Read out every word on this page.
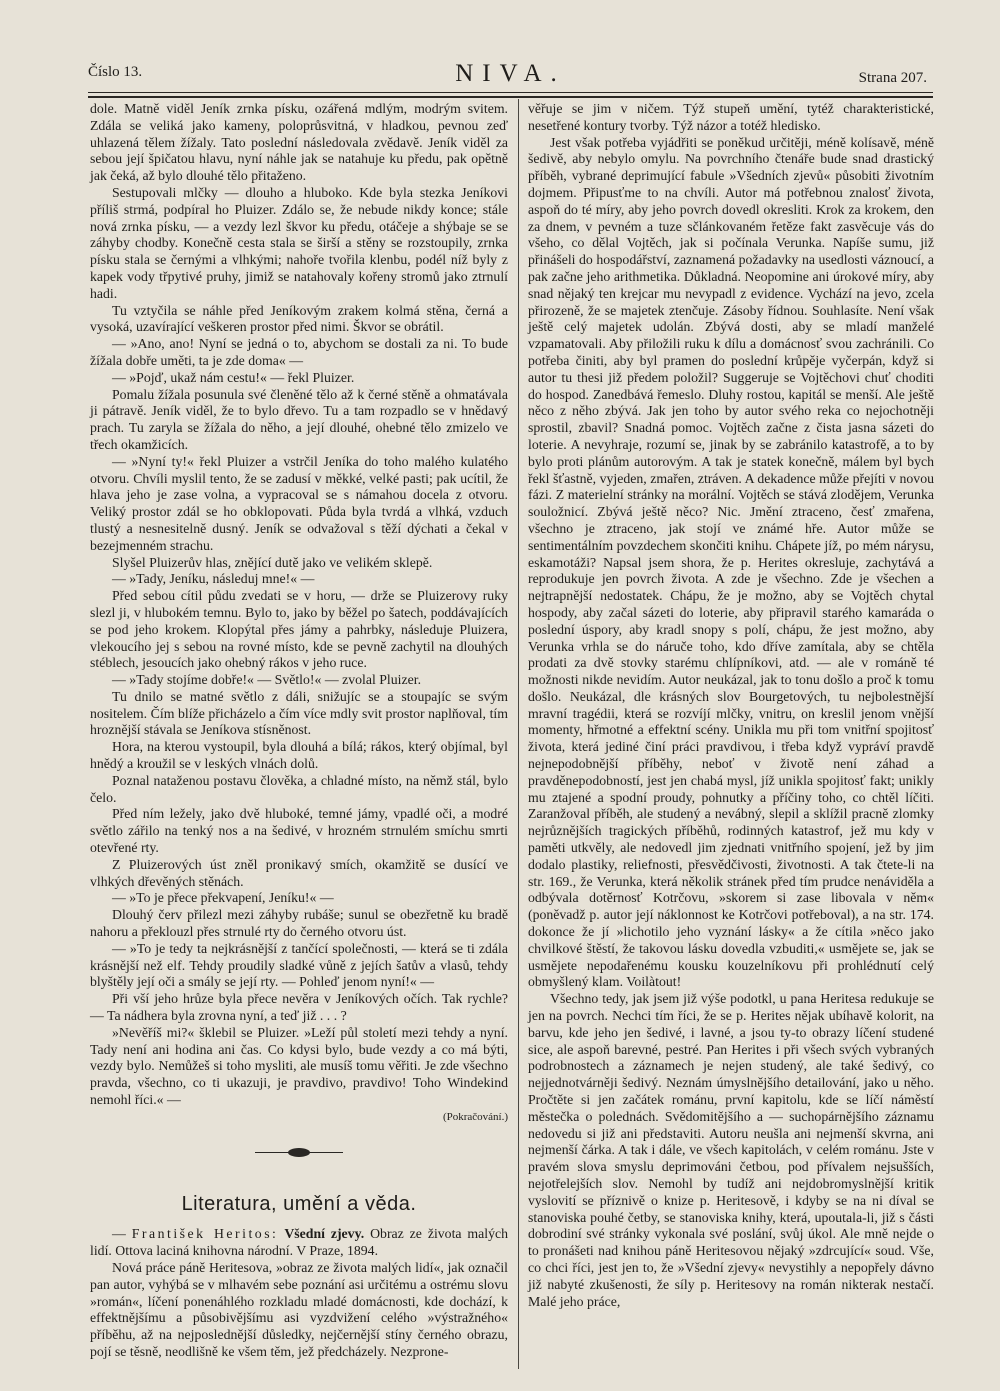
Číslo 13.	NIVA.	Strana 207.

dole. Matně viděl Jeník zrnka písku, ozářená mdlým, modrým svitem. Zdála se veliká jako kameny, poloprůsvitná, v hladkou, pevnou zeď uhlazená tělem žížaly. Tato poslední následovala zvědavě. Jeník viděl za sebou její špičatou hlavu, nyní náhle jak se natahuje ku předu, pak opětně jak čeká, až bylo dlouhé tělo přitaženo.

Sestupovali mlčky — dlouho a hluboko. Kde byla stezka Jeníkovi příliš strmá, podpíral ho Pluizer. Zdálo se, že nebude nikdy konce; stále nová zrnka písku, — a vezdy lezl škvor ku předu, otáčeje a shýbaje se se záhyby chodby. Konečně cesta stala se širší a stěny se rozstoupily, zrnka písku stala se černými a vlhkými; nahoře tvořila klenbu, podél níž byly z kapek vody třpytivé pruhy, jimiž se natahovaly kořeny stromů jako ztrnulí hadi.

Tu vztyčila se náhle před Jeníkovým zrakem kolmá stěna, černá a vysoká, uzavírající veškeren prostor před nimi. Škvor se obrátil.

— »Ano, ano! Nyní se jedná o to, abychom se dostali za ni. To bude žížala dobře uměti, ta je zde doma« —

— »Pojď, ukaž nám cestu!« — řekl Pluizer.

Pomalu žížala posunula své členěné tělo až k černé stěně a ohmatávala ji pátravě. Jeník viděl, že to bylo dřevo. Tu a tam rozpadlo se v hnědavý prach. Tu zaryla se žížala do něho, a její dlouhé, ohebné tělo zmizelo ve třech okamžicích.

— »Nyní ty!« řekl Pluizer a vstrčil Jeníka do toho malého kulatého otvoru. Chvíli myslil tento, že se zadusí v měkké, velké pasti; pak ucítil, že hlava jeho je zase volna, a vypracoval se s námahou docela z otvoru. Veliký prostor zdál se ho obklopovati. Půda byla tvrdá a vlhká, vzduch tlustý a nesnesitelně dusný. Jeník se odvažoval s těží dýchati a čekal v bezejmenném strachu.

Slyšel Pluizerův hlas, znějící dutě jako ve velikém sklepě.

— »Tady, Jeníku, následuj mne!« —

Před sebou cítil půdu zvedati se v horu, — drže se Pluizerovy ruky slezl ji, v hlubokém temnu. Bylo to, jako by běžel po šatech, poddávajících se pod jeho krokem. Klopýtal přes jámy a pahrbky, následuje Pluizera, vlekoucího jej s sebou na rovné místo, kde se pevně zachytil na dlouhých stéblech, jesoucích jako ohebný rákos v jeho ruce.

— »Tady stojíme dobře!« — Světlo!« — zvolal Pluizer.

Tu dnilo se matné světlo z dáli, snižujíc se a stoupajíc se svým nositelem. Čím blíže přicházelo a čím více mdly svit prostor naplňoval, tím hroznější stávala se Jeníkova stísněnost.

Hora, na kterou vystoupil, byla dlouhá a bílá; rákos, který objímal, byl hnědý a kroužil se v leských vlnách dolů.

Poznal nataženou postavu člověka, a chladné místo, na němž stál, bylo čelo.

Před ním ležely, jako dvě hluboké, temné jámy, vpadlé oči, a modré světlo zářilo na tenký nos a na šedivé, v hrozném strnulém smíchu smrti otevřené rty.

Z Pluizerových úst zněl pronikavý smích, okamžitě se dusící ve vlhkých dřevěných stěnách.

— »To je přece překvapení, Jeníku!« —

Dlouhý červ přilezl mezi záhyby rubáše; sunul se obezřetně ku bradě nahoru a překlouzl přes strnulé rty do černého otvoru úst.

— »To je tedy ta nejkrásnější z tančící společnosti, — která se ti zdála krásnější než elf. Tehdy proudily sladké vůně z jejích šatův a vlasů, tehdy blyštěly její oči a smály se její rty. — Pohleď jenom nyní!« —

Při vší jeho hrůze byla přece nevěra v Jeníkových očích. Tak rychle? — Ta nádhera byla zrovna nyní, a teď již . . . ?

»Nevěříš mi?« šklebil se Pluizer. »Leží půl století mezi tehdy a nyní. Tady není ani hodina ani čas. Co kdysi bylo, bude vezdy a co má býti, vezdy bylo. Nemůžeš si toho mysliti, ale musíš tomu věřiti. Je zde všechno pravda, všechno, co ti ukazuji, je pravdivo, pravdivo! Toho Windekind nemohl říci.« —

(Pokračování.)
Literatura, umění a věda.

— František Heritos: Všední zjevy. Obraz ze života malých lidí. Ottova laciná knihovna národní. V Praze, 1894.

Nová práce páně Heritesova, »obraz ze života malých lidí«, jak označil pan autor, vyhýbá se v mlhavém sebe poznání asi určitému a ostrému slovu »román«, líčení ponenáhlého rozkladu mladé domácnosti, kde dochází, k effektnějšímu a působivějšímu asi vyzdvižení celého »výstražného« příběhu, až na nejposlednější důsledky, nejčernější stíny černého obrazu, pojí se těsně, neodlišně ke všem těm, jež předcházely. Nezprone-

věřuje se jim v ničem. Týž stupeň umění, tytéž charakteristické, nesetřené kontury tvorby. Týž názor a totéž hledisko.

Jest však potřeba vyjádřiti se poněkud určitěji, méně kolísavě, méně šedivě, aby nebylo omylu. Na povrchního čtenáře bude snad drastický příběh, vybrané deprimující fabule »Všedních zjevů« působiti životním dojmem. Připusťme to na chvíli. Autor má potřebnou znalosť života, aspoň do té míry, aby jeho povrch dovedl okresliti. Krok za krokem, den za dnem, v pevném a tuze sčlánkovaném řetěze fakt zasvěcuje vás do všeho, co dělal Vojtěch, jak si počínala Verunka. Napíše sumu, již přinášeli do hospodářství, zaznamená požadavky na usedlosti váznoucí, a pak začne jeho arithmetika. Důkladná. Neopomine ani úrokové míry, aby snad nějaký ten krejcar mu nevypadl z evidence. Vychází na jevo, zcela přirozeně, že se majetek ztenčuje. Zásoby řídnou. Souhlasíte. Není však ještě celý majetek udolán. Zbývá dosti, aby se mladí manželé vzpamatovali. Aby přiložili ruku k dílu a domácnosť svou zachránili. Co potřeba činiti, aby byl pramen do poslední krůpěje vyčerpán, když si autor tu thesi již předem položil? Suggeruje se Vojtěchovi chuť choditi do hospod. Zanedbává řemeslo. Dluhy rostou, kapitál se menší. Ale ještě něco z něho zbývá. Jak jen toho by autor svého reka co nejochotněji sprostil, zbavil? Snadná pomoc. Vojtěch začne z čista jasna sázeti do loterie. A nevyhraje, rozumí se, jinak by se zabránilo katastrofě, a to by bylo proti plánům autorovým. A tak je statek konečně, málem byl bych řekl šťastně, vyjeden, zmařen, ztráven. A dekadence může přejíti v novou fázi. Z materielní stránky na morální. Vojtěch se stává zlodějem, Verunka souložnicí. Zbývá ještě něco? Nic. Jmění ztraceno, česť zmařena, všechno je ztraceno, jak stojí ve známé hře. Autor může se sentimentálním povzdechem skončiti knihu. Chápete jíž, po mém nárysu, eskamotáži? Napsal jsem shora, že p. Herites okresluje, zachytává a reprodukuje jen povrch života. A zde je všechno. Zde je všechen a nejtrapnější nedostatek. Chápu, že je možno, aby se Vojtěch chytal hospody, aby začal sázeti do loterie, aby připravil starého kamaráda o poslední úspory, aby kradl snopy s polí, chápu, že jest možno, aby Verunka vrhla se do náruče toho, kdo dříve zamítala, aby se chtěla prodati za dvě stovky starému chlípníkovi, atd. — ale v románě té možnosti nikde nevidím. Autor neukázal, jak to tonu došlo a proč k tomu došlo. Neukázal, dle krásných slov Bourgetových, tu nejbolestnější mravní tragédii, která se rozvíjí mlčky, vnitru, on kreslil jenom vnější momenty, hřmotné a effektní scény. Unikla mu při tom vnitřní spojitosť života, která jediné činí práci pravdivou, i třeba když vypráví pravdě nejnepodobnější příběhy, neboť v životě není záhad a pravděnepodobností, jest jen chabá mysl, jíž unikla spojitosť fakt; unikly mu ztajené a spodní proudy, pohnutky a příčiny toho, co chtěl líčiti. Zaranžoval příběh, ale studený a nevábný, slepil a sklížil pracně zlomky nejrůznějších tragických příběhů, rodinných katastrof, jež mu kdy v paměti utkvěly, ale nedovedl jim zjednati vnitřního spojení, jež by jim dodalo plastiky, reliefnosti, přesvědčivosti, životnosti. A tak čtete-li na str. 169., že Verunka, která několik stránek před tím prudce nenáviděla a odbývala dotěrnosť Kotrčovu, »skorem si zase libovala v něm« (poněvadž p. autor její náklonnost ke Kotrčovi potřeboval), a na str. 174. dokonce že jí »lichotilo jeho vyznání lásky« a že cítila »něco jako chvilkové štěstí, že takovou lásku dovedla vzbuditi,« usmějete se, jak se usmějete nepodařenému kousku kouzelníkovu při prohlédnutí celý obmyšlený klam. Voilàtout!

Všechno tedy, jak jsem již výše podotkl, u pana Heritesa redukuje se jen na povrch. Nechci tím říci, že se p. Herites nějak ubíhavě kolorit, na barvu, kde jeho jen šedivé, i lavné, a jsou ty-to obrazy líčení studené sice, ale aspoň barevné, pestré. Pan Herites i při všech svých vybraných podrobnostech a záznamech je nejen studený, ale také šedivý, co nejjednotvárněji šedivý. Neznám úmyslnějšího detailování, jako u něho. Pročtěte si jen začátek románu, první kapitolu, kde se líčí náměstí městečka o polednách. Svědomitějšího a — suchopárnějšího záznamu nedovedu si již ani představiti. Autoru neušla ani nejmenší skvrna, ani nejmenší čárka. A tak i dále, ve všech kapitolách, v celém románu. Jste v pravém slova smyslu deprimováni četbou, pod přívalem nejsušších, nejotřelejších slov. Nemohl by tudíž ani nejdobromyslnější kritik vyslovití se příznivě o knize p. Heritesově, i kdyby se na ni díval se stanoviska pouhé četby, se stanoviska knihy, která, upoutala-li, již s části dobrodiní své stránky vykonala své poslání, svůj úkol. Ale mně nejde o to pronášeti nad knihou páně Heritesovou nějaký »zdrcující« soud. Vše, co chci říci, jest jen to, že »Všední zjevy« nevystihly a nepopřely dávno již nabyté zkušenosti, že síly p. Heritesovy na román nikterak nestačí. Malé jeho práce,
